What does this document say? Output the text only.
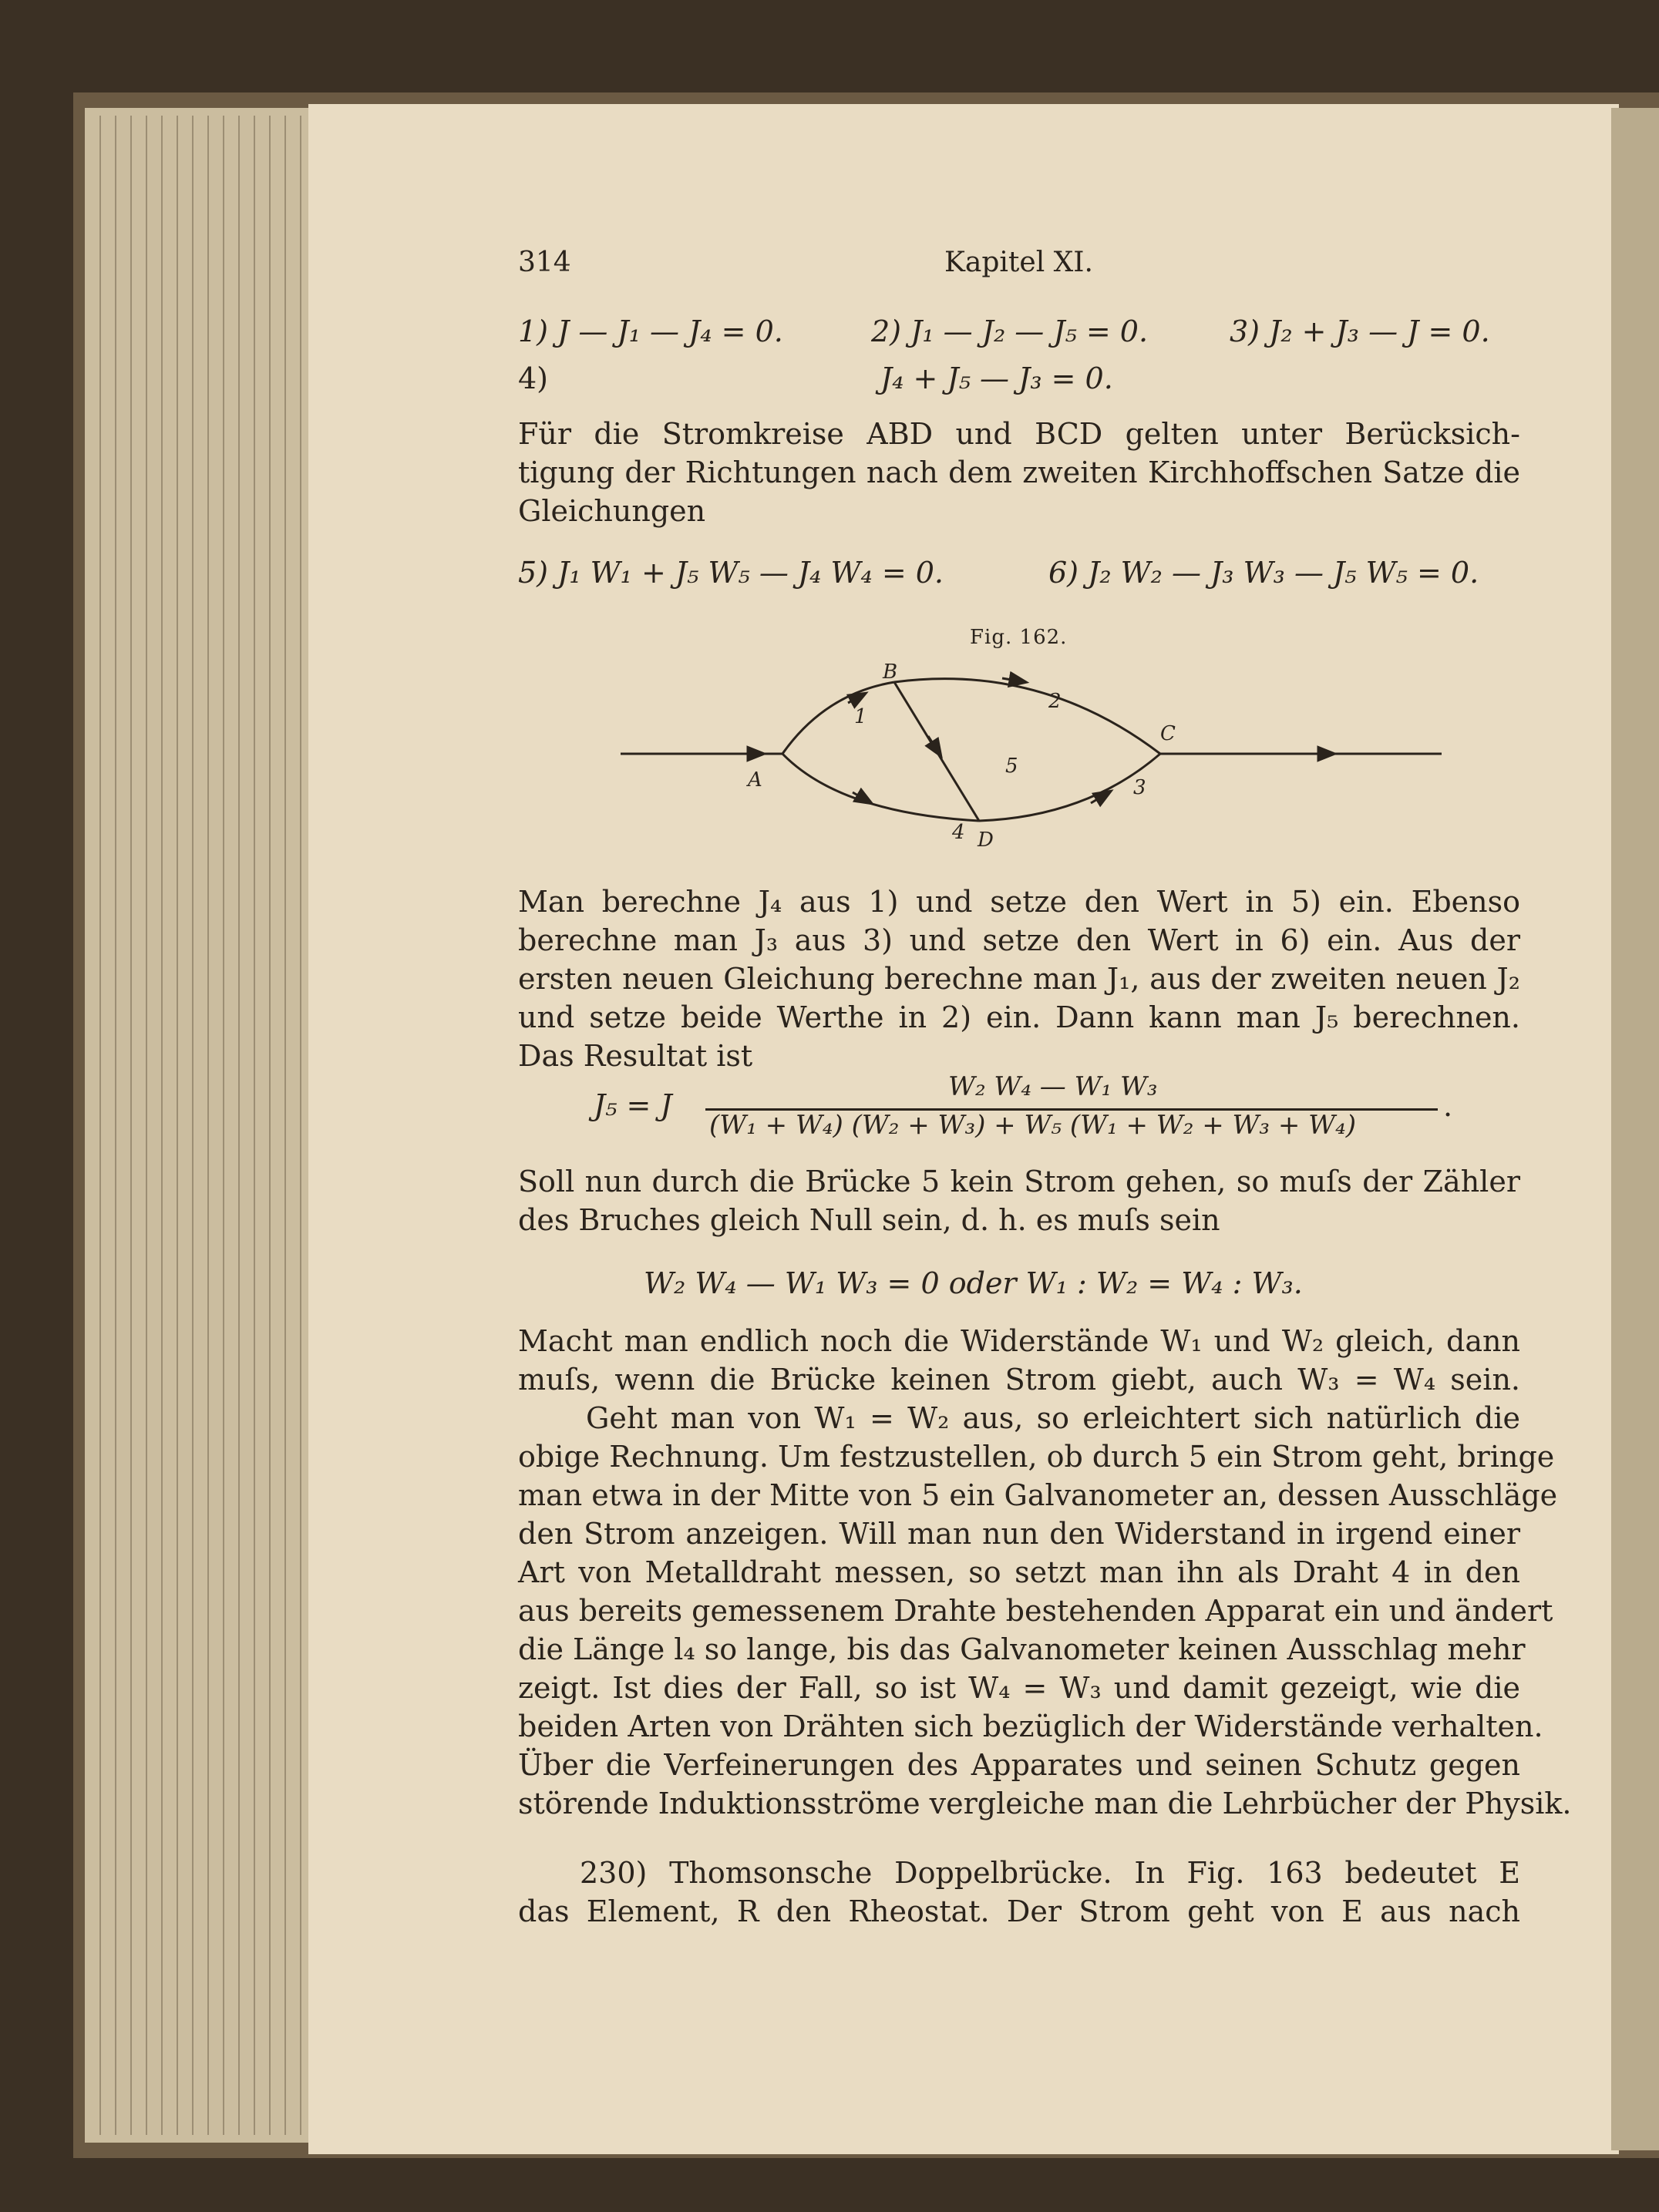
314	Kapitel XI.
1) J — J₁ — J₄ = 0.	2) J₁ — J₂ — J₅ = 0.	3) J₂ + J₃ — J = 0.
4)	J₄ + J₅ — J₃ = 0.
Für die Stromkreise ABD und BCD gelten unter Berücksich-
tigung der Richtungen nach dem zweiten Kirchhoffschen Satze die
Gleichungen
5) J₁ W₁ + J₅ W₅ — J₄ W₄ = 0.	6) J₂ W₂ — J₃ W₃ — J₅ W₅ = 0.
Fig. 162.
A
B
C
D
1
2
3
4
5
Man berechne J₄ aus 1) und setze den Wert in 5) ein. Ebenso
berechne man J₃ aus 3) und setze den Wert in 6) ein. Aus der
ersten neuen Gleichung berechne man J₁, aus der zweiten neuen J₂
und setze beide Werthe in 2) ein. Dann kann man J₅ berechnen.
Das Resultat ist
J₅ = J
W₂ W₄ — W₁ W₃
(W₁ + W₄) (W₂ + W₃) + W₅ (W₁ + W₂ + W₃ + W₄)
.
Soll nun durch die Brücke 5 kein Strom gehen, so muſs der Zähler
des Bruches gleich Null sein, d. h. es muſs sein
W₂ W₄ — W₁ W₃ = 0 oder W₁ : W₂ = W₄ : W₃.
Macht man endlich noch die Widerstände W₁ und W₂ gleich, dann
muſs, wenn die Brücke keinen Strom giebt, auch W₃ = W₄ sein.
Geht man von W₁ = W₂ aus, so erleichtert sich natürlich die
obige Rechnung. Um festzustellen, ob durch 5 ein Strom geht, bringe
man etwa in der Mitte von 5 ein Galvanometer an, dessen Ausschläge
den Strom anzeigen. Will man nun den Widerstand in irgend einer
Art von Metalldraht messen, so setzt man ihn als Draht 4 in den
aus bereits gemessenem Drahte bestehenden Apparat ein und ändert
die Länge l₄ so lange, bis das Galvanometer keinen Ausschlag mehr
zeigt. Ist dies der Fall, so ist W₄ = W₃ und damit gezeigt, wie die
beiden Arten von Drähten sich bezüglich der Widerstände verhalten.
Über die Verfeinerungen des Apparates und seinen Schutz gegen
störende Induktionsströme vergleiche man die Lehrbücher der Physik.
230) Thomsonsche Doppelbrücke. In Fig. 163 bedeutet E
das Element, R den Rheostat. Der Strom geht von E aus nach
